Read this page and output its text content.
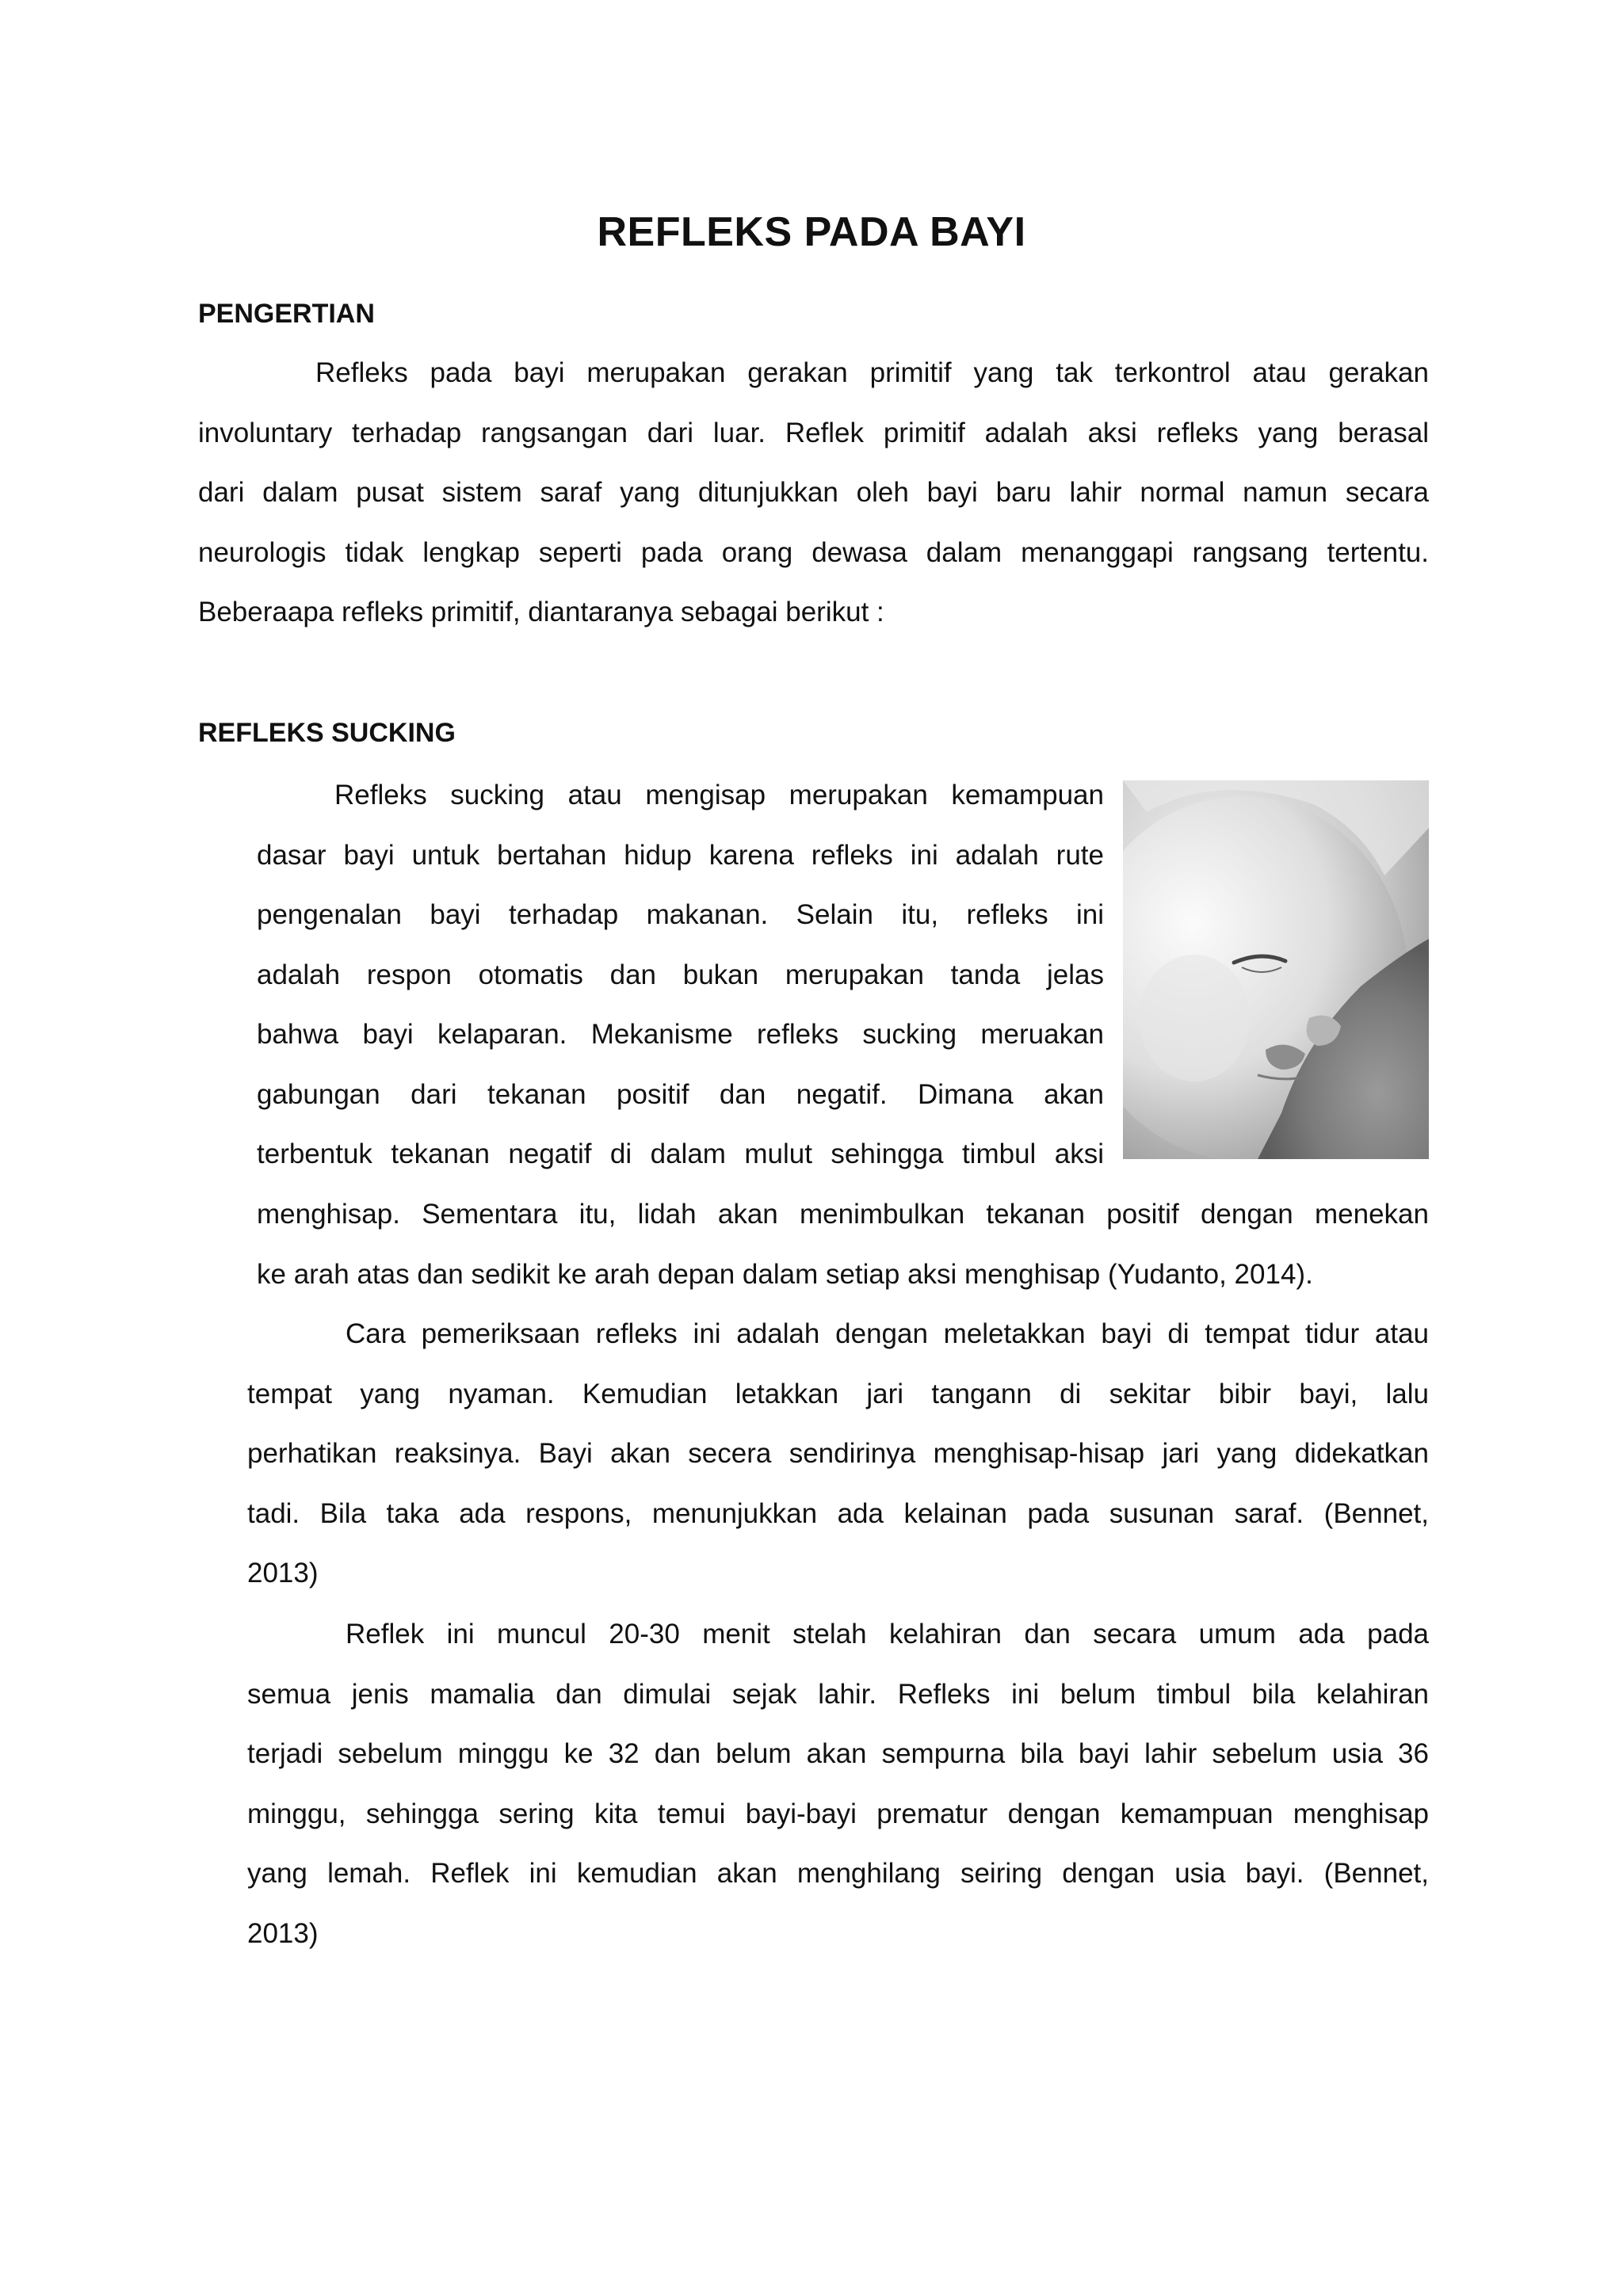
REFLEKS PADA BAYI
PENGERTIAN
Refleks pada bayi merupakan gerakan primitif yang tak terkontrol atau gerakan
involuntary terhadap rangsangan dari luar. Reflek primitif adalah aksi refleks yang berasal
dari dalam pusat sistem saraf yang ditunjukkan oleh bayi baru lahir normal namun secara
neurologis tidak lengkap seperti pada orang dewasa dalam menanggapi rangsang tertentu.
Beberaapa refleks primitif, diantaranya sebagai berikut :
REFLEKS SUCKING
Refleks sucking atau mengisap merupakan kemampuan
dasar bayi untuk bertahan hidup karena refleks ini adalah rute
pengenalan bayi terhadap makanan. Selain itu, refleks ini
adalah respon otomatis dan bukan merupakan tanda jelas
bahwa bayi kelaparan. Mekanisme refleks sucking meruakan
gabungan dari tekanan positif dan negatif. Dimana akan
terbentuk tekanan negatif di dalam mulut sehingga timbul aksi
menghisap. Sementara itu, lidah akan menimbulkan tekanan positif dengan menekan
ke arah atas dan sedikit ke arah depan dalam setiap aksi menghisap (Yudanto, 2014).
Cara pemeriksaan refleks ini adalah dengan meletakkan bayi di tempat tidur atau
tempat yang nyaman. Kemudian letakkan jari tangann di sekitar bibir bayi, lalu
perhatikan reaksinya. Bayi akan secera sendirinya menghisap-hisap jari yang didekatkan
tadi. Bila taka ada respons, menunjukkan ada kelainan pada susunan saraf. (Bennet,
2013)
Reflek ini muncul 20-30 menit stelah kelahiran dan secara umum ada pada
semua jenis mamalia dan dimulai sejak lahir. Refleks ini belum timbul bila kelahiran
terjadi sebelum minggu ke 32 dan belum akan sempurna bila bayi lahir sebelum usia 36
minggu, sehingga sering kita temui bayi-bayi prematur dengan kemampuan menghisap
yang lemah. Reflek ini kemudian akan menghilang seiring dengan usia bayi. (Bennet,
2013)
